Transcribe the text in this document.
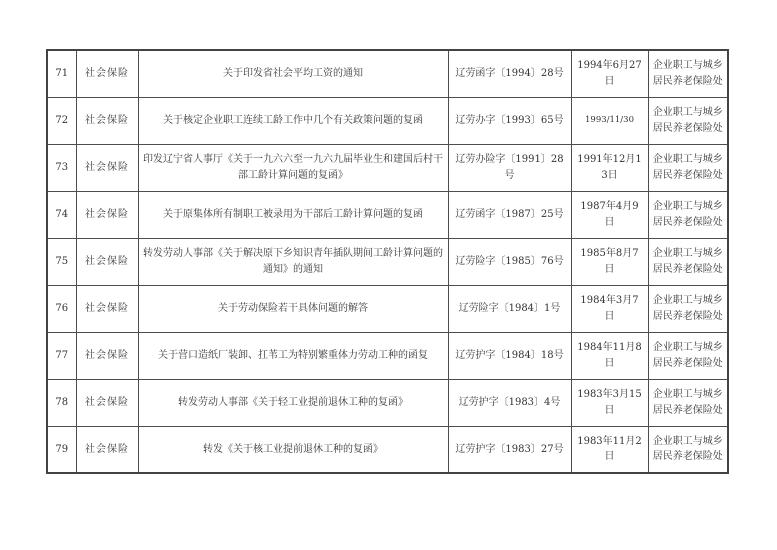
71	社会保险	关于印发省社会平均工资的通知	辽劳函字〔1994〕28号	1994年6月27日	企业职工与城乡居民养老保险处
72	社会保险	关于核定企业职工连续工龄工作中几个有关政策问题的复函	辽劳办字〔1993〕65号	1993/11/30	企业职工与城乡居民养老保险处
73	社会保险	印发辽宁省人事厅《关于一九六六至一九六九届毕业生和建国后村干部工龄计算问题的复函》	辽劳办险字〔1991〕28号	1991年12月13日	企业职工与城乡居民养老保险处
74	社会保险	关于原集体所有制职工被录用为干部后工龄计算问题的复函	辽劳函字〔1987〕25号	1987年4月9日	企业职工与城乡居民养老保险处
75	社会保险	转发劳动人事部《关于解决原下乡知识青年插队期间工龄计算问题的通知》的通知	辽劳险字〔1985〕76号	1985年8月7日	企业职工与城乡居民养老保险处
76	社会保险	关于劳动保险若干具体问题的解答	辽劳险字〔1984〕1号	1984年3月7日	企业职工与城乡居民养老保险处
77	社会保险	关于营口造纸厂装卸、扛苇工为特别繁重体力劳动工种的函复	辽劳护字〔1984〕18号	1984年11月8日	企业职工与城乡居民养老保险处
78	社会保险	转发劳动人事部《关于轻工业提前退休工种的复函》	辽劳护字〔1983〕4号	1983年3月15日	企业职工与城乡居民养老保险处
79	社会保险	转发《关于核工业提前退休工种的复函》	辽劳护字〔1983〕27号	1983年11月2日	企业职工与城乡居民养老保险处
